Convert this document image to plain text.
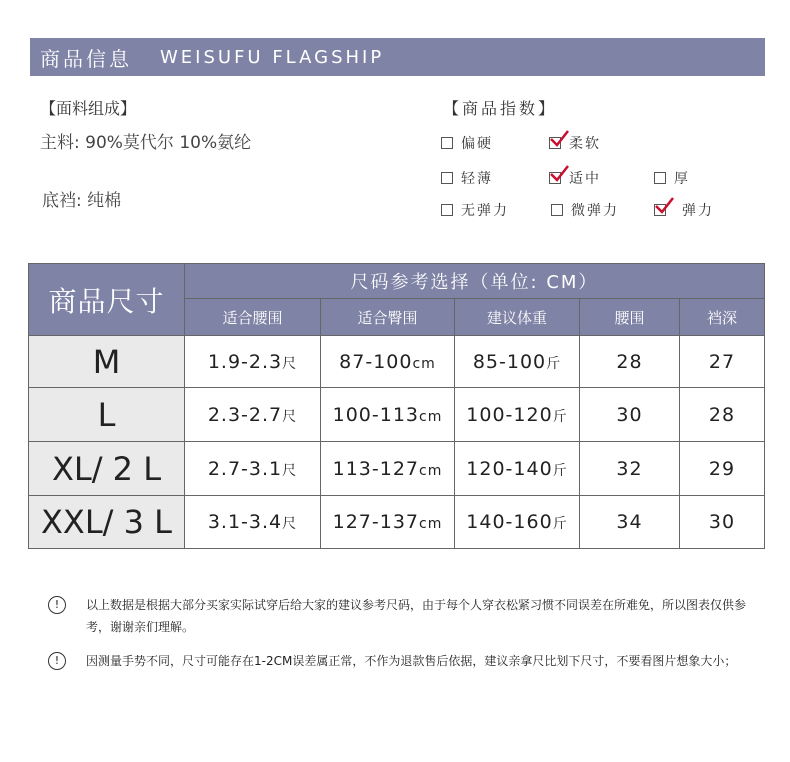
商品信息 WEISUFU FLAGSHIP
【面料组成】
主料: 90%莫代尔 10%氨纶
底裆: 纯棉
【商品指数】
偏硬	柔软
轻薄	适中	厚
无弹力	微弹力	弹力
商品尺寸	尺码参考选择（单位: CM）				
	适合腰围	适合臀围	建议体重	腰围	裆深
M	1.9-2.3尺	87-100cm	85-100斤	28	27
L	2.3-2.7尺	100-113cm	100-120斤	30	28
XL/ 2 L	2.7-3.1尺	113-127cm	120-140斤	32	29
XXL/ 3 L	3.1-3.4尺	127-137cm	140-160斤	34	30
!	以上数据是根据大部分买家实际试穿后给大家的建议参考尺码，由于每个人穿衣松紧习惯不同误差在所难免，所以图表仅供参考，谢谢亲们理解。
!	因测量手势不同，尺寸可能存在1-2CM误差属正常，不作为退款售后依据，建议亲拿尺比划下尺寸，不要看图片想象大小；
